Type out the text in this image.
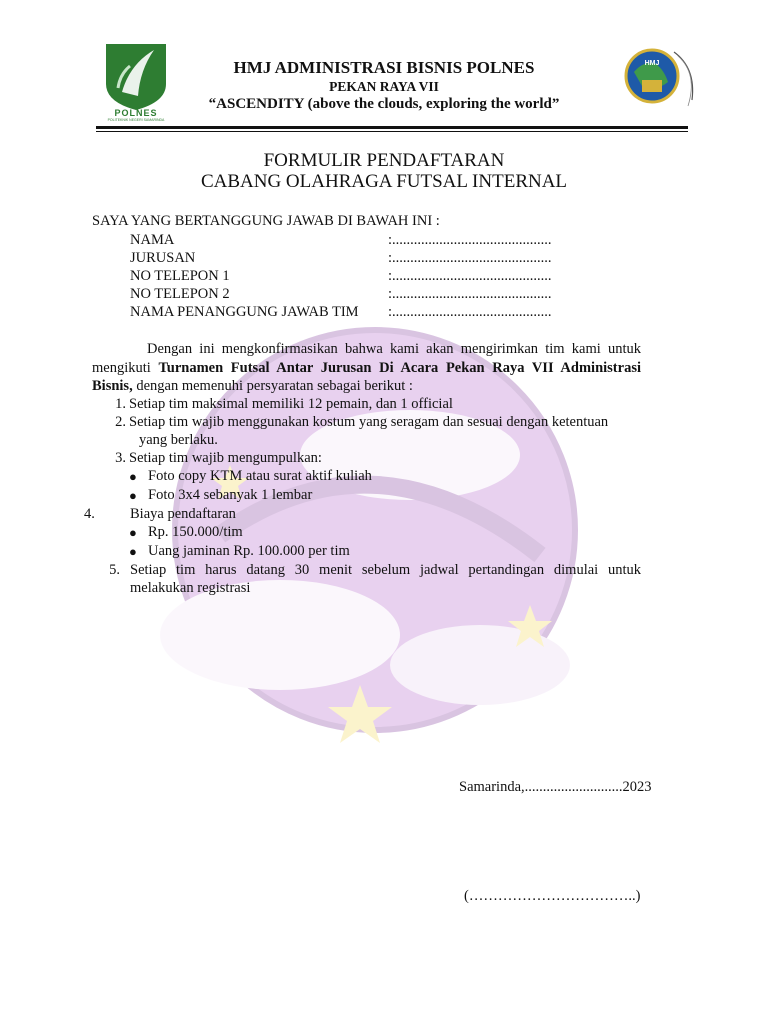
POLNES
POLITEKNIK NEGERI SAMARINDA
HMJ
HMJ ADMINISTRASI BISNIS POLNES
PEKAN RAYA VII
“ASCENDITY (above the clouds, exploring the world”
FORMULIR PENDAFTARAN
CABANG OLAHRAGA FUTSAL INTERNAL
SAYA YANG BERTANGGUNG JAWAB DI BAWAH INI :
NAMA	:............................................
JURUSAN	:............................................
NO TELEPON 1	:............................................
NO TELEPON 2	:............................................
NAMA PENANGGUNG JAWAB TIM :............................................
Dengan ini mengkonfirmasikan bahwa kami akan mengirimkan tim kami untuk mengikuti Turnamen Futsal Antar Jurusan Di Acara Pekan Raya VII Administrasi Bisnis, dengan memenuhi persyaratan sebagai berikut :
1. Setiap tim maksimal memiliki 12 pemain, dan 1 official
2. Setiap tim wajib menggunakan kostum yang seragam dan sesuai dengan ketentuan
yang berlaku.
3. Setiap tim wajib mengumpulkan:
● Foto copy KTM atau surat aktif kuliah
● Foto 3x4 sebanyak 1 lembar
4. Biaya pendaftaran
● Rp. 150.000/tim
● Uang jaminan Rp. 100.000 per tim
5. Setiap tim harus datang 30 menit sebelum jadwal pertandingan dimulai untuk
melakukan registrasi
Samarinda,...........................2023
(……………………………..)
